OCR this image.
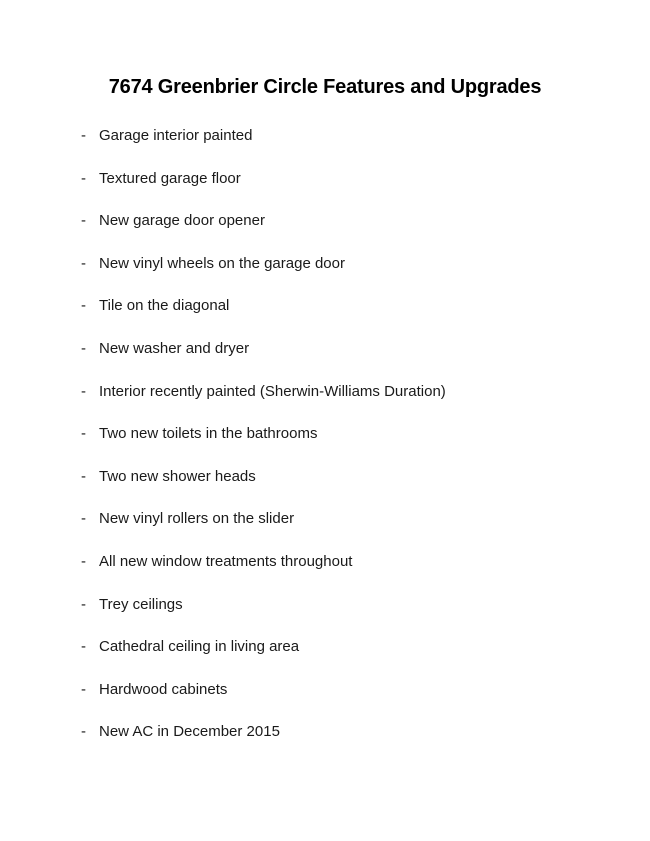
7674 Greenbrier Circle Features and Upgrades
- Garage interior painted
- Textured garage floor
- New garage door opener
- New vinyl wheels on the garage door
- Tile on the diagonal
- New washer and dryer
- Interior recently painted (Sherwin-Williams Duration)
- Two new toilets in the bathrooms
- Two new shower heads
- New vinyl rollers on the slider
- All new window treatments throughout
- Trey ceilings
- Cathedral ceiling in living area
- Hardwood cabinets
- New AC in December 2015
